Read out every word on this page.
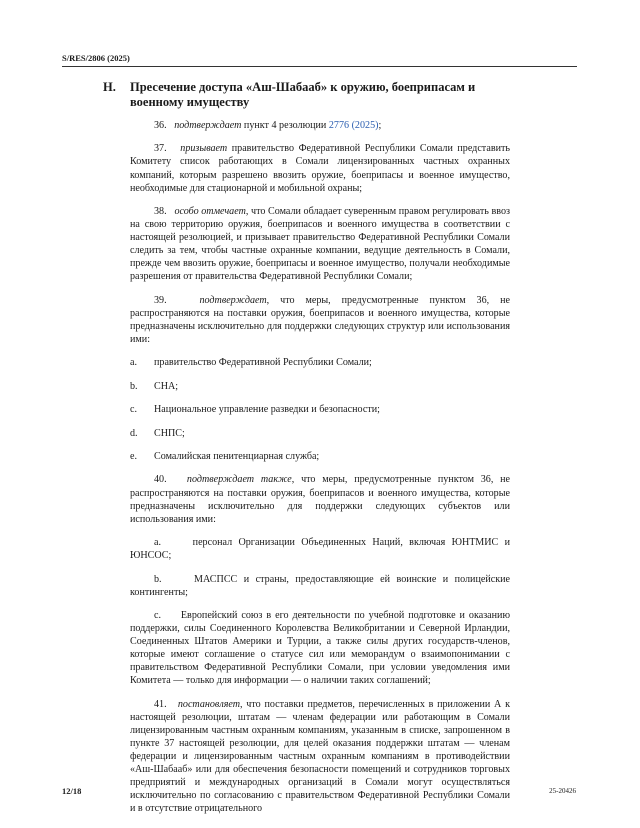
S/RES/2806 (2025)
H. Пресечение доступа «Аш-Шабааб» к оружию, боеприпасам и военному имуществу

36. подтверждает пункт 4 резолюции 2776 (2025);

37. призывает правительство Федеративной Республики Сомали представить Комитету список работающих в Сомали лицензированных частных охранных компаний, которым разрешено ввозить оружие, боеприпасы и военное имущество, необходимые для стационарной и мобильной охраны;

38. особо отмечает, что Сомали обладает суверенным правом регулировать ввоз на свою территорию оружия, боеприпасов и военного имущества в соответствии с настоящей резолюцией, и призывает правительство Федеративной Республики Сомали следить за тем, чтобы частные охранные компании, ведущие деятельность в Сомали, прежде чем ввозить оружие, боеприпасы и военное имущество, получали необходимые разрешения от правительства Федеративной Республики Сомали;

39.	подтверждает, что меры, предусмотренные пунктом 36, не распространяются на поставки оружия, боеприпасов и военного имущества, которые предназначены исключительно для поддержки следующих структур или использования ими:

a.	правительство Федеративной Республики Сомали;
b.	СНА;
c.	Национальное управление разведки и безопасности;
d.	СНПС;
e.	Сомалийская пенитенциарная служба;

40. подтверждает также, что меры, предусмотренные пунктом 36, не распространяются на поставки оружия, боеприпасов и военного имущества, которые предназначены исключительно для поддержки следующих субъектов или использования ими:

a.	персонал Организации Объединенных Наций, включая ЮНТМИС и ЮНСОС;

b.	МАСПСС и страны, предоставляющие ей воинские и полицейские контингенты;

c. Европейский союз в его деятельности по учебной подготовке и оказанию поддержки, силы Соединенного Королевства Великобритании и Северной Ирландии, Соединенных Штатов Америки и Турции, а также силы других государств-членов, которые имеют соглашение о статусе сил или меморандум о взаимопонимании с правительством Федеративной Республики Сомали, при условии уведомления ими Комитета — только для информации — о наличии таких соглашений;

41. постановляет, что поставки предметов, перечисленных в приложении А к настоящей резолюции, штатам — членам федерации или работающим в Сомали лицензированным частным охранным компаниям, указанным в списке, запрошенном в пункте 37 настоящей резолюции, для целей оказания поддержки штатам — членам федерации и лицензированным частным охранным компаниям в противодействии «Аш-Шабааб» или для обеспечения безопасности помещений и сотрудников торговых предприятий и международных организаций в Сомали могут осуществляться исключительно по согласованию с правительством Федеративной Республики Сомали и в отсутствие отрицательного

12/18	25-20426
